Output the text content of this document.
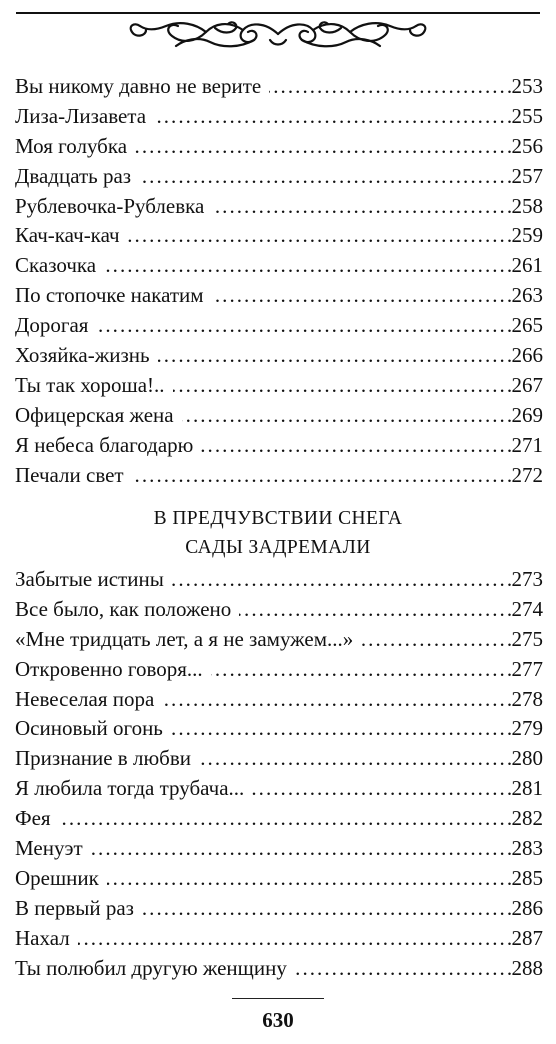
Вы никому давно не верите . . .	253
Лиза-Лизавета . . .	255
Моя голубка . . .	256
Двадцать раз . . .	257
Рублевочка-Рублевка . . .	258
Кач-кач-кач . . .	259
Сказочка . . .	261
По стопочке накатим . . .	263
Дорогая . . .	265
Хозяйка-жизнь . . .	266
Ты так хороша!.. . . .	267
Офицерская жена . . .	269
Я небеса благодарю . . .	271
Печали свет . . .	272
В ПРЕДЧУВСТВИИ СНЕГА
САДЫ ЗАДРЕМАЛИ
Забытые истины . . .	273
Все было, как положено . . .	274
«Мне тридцать лет, а я не замужем...» . . .	275
Откровенно говоря... . . .	277
Невеселая пора . . .	278
Осиновый огонь . . .	279
Признание в любви . . .	280
Я любила тогда трубача... . . .	281
Фея . . .	282
Менуэт . . .	283
Орешник . . .	285
В первый раз . . .	286
Нахал . . .	287
Ты полюбил другую женщину . . .	288
630
